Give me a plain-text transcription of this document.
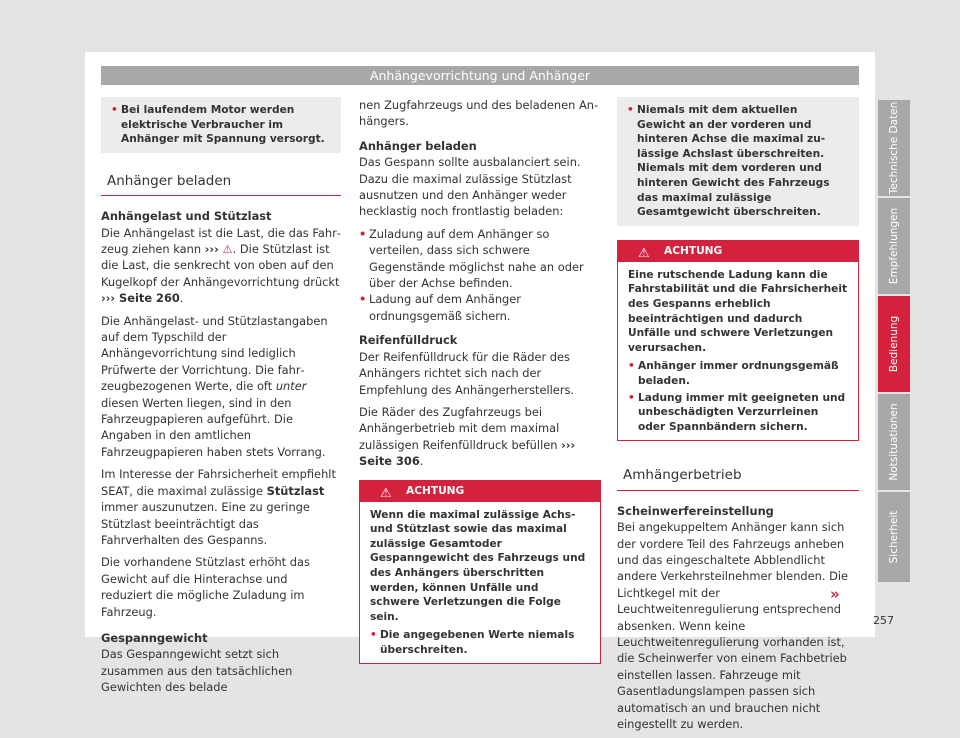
Anhängevorrichtung und Anhänger
Technische Daten
Empfehlungen
Bedienung
Notsituationen
Sicherheit
• Bei laufendem Motor werden elektrische Verbraucher im Anhänger mit Spannung versorgt.
Anhänger beladen
Anhängelast und Stützlast

Die Anhängelast ist die Last, die das Fahrzeug ziehen kann ››› ⚠. Die Stützlast ist die Last, die senkrecht von oben auf den Kugelkopf der Anhängevorrichtung drückt ››› Seite 260.

Die Anhängelast- und Stützlastangaben auf dem Typschild der Anhängevorrichtung sind lediglich Prüfwerte der Vorrichtung. Die fahrzeugbezogenen Werte, die oft unter diesen Werten liegen, sind in den Fahrzeugpapieren aufgeführt. Die Angaben in den amtlichen Fahrzeugpapieren haben stets Vorrang.

Im Interesse der Fahrsicherheit empfiehlt SEAT, die maximal zulässige Stützlast immer auszunutzen. Eine zu geringe Stützlast beeinträchtigt das Fahrverhalten des Gespanns.

Die vorhandene Stützlast erhöht das Gewicht auf die Hinterachse und reduziert die mögliche Zuladung im Fahrzeug.

Gespanngewicht

Das Gespanngewicht setzt sich zusammen aus den tatsächlichen Gewichten des belade

nen Zugfahrzeugs und des beladenen Anhängers.

Anhänger beladen

Das Gespann sollte ausbalanciert sein. Dazu die maximal zulässige Stützlast ausnutzen und den Anhänger weder hecklastig noch frontlastig beladen:

• Zuladung auf dem Anhänger so verteilen, dass sich schwere Gegenstände möglichst nahe an oder über der Achse befinden.
• Ladung auf dem Anhänger ordnungsgemäß sichern.
Reifenfülldruck

Der Reifenfülldruck für die Räder des Anhängers richtet sich nach der Empfehlung des Anhängerherstellers.

Die Räder des Zugfahrzeugs bei Anhängerbetrieb mit dem maximal zulässigen Reifenfülldruck befüllen ››› Seite 306.

⚠ ACHTUNG
Wenn die maximal zulässige Achs- und Stützlast sowie das maximal zulässige Gesamtoder Gespanngewicht des Fahrzeugs und des Anhängers überschritten werden, können Unfälle und schwere Verletzungen die Folge sein.
• Die angegebenen Werte niemals überschreiten.
• Niemals mit dem aktuellen Gewicht an der vorderen und hinteren Achse die maximal zulässige Achslast überschreiten. Niemals mit dem vorderen und hinteren Gewicht des Fahrzeugs das maximal zulässige Gesamtgewicht überschreiten.
⚠ ACHTUNG
Eine rutschende Ladung kann die Fahrstabilität und die Fahrsicherheit des Gespanns erheblich beeinträchtigen und dadurch Unfälle und schwere Verletzungen verursachen.
• Anhänger immer ordnungsgemäß beladen.
• Ladung immer mit geeigneten und unbeschädigten Verzurrleinen oder Spannbändern sichern.
Amhängerbetrieb
Scheinwerfereinstellung

Bei angekuppeltem Anhänger kann sich der vordere Teil des Fahrzeugs anheben und das eingeschaltete Abblendlicht andere Verkehrsteilnehmer blenden. Die Lichtkegel mit der Leuchtweitenregulierung entsprechend absenken. Wenn keine Leuchtweitenregulierung vorhanden ist, die Scheinwerfer von einem Fachbetrieb einstellen lassen. Fahrzeuge mit Gasentladungslampen passen sich automatisch an und brauchen nicht eingestellt zu werden.

»
257
